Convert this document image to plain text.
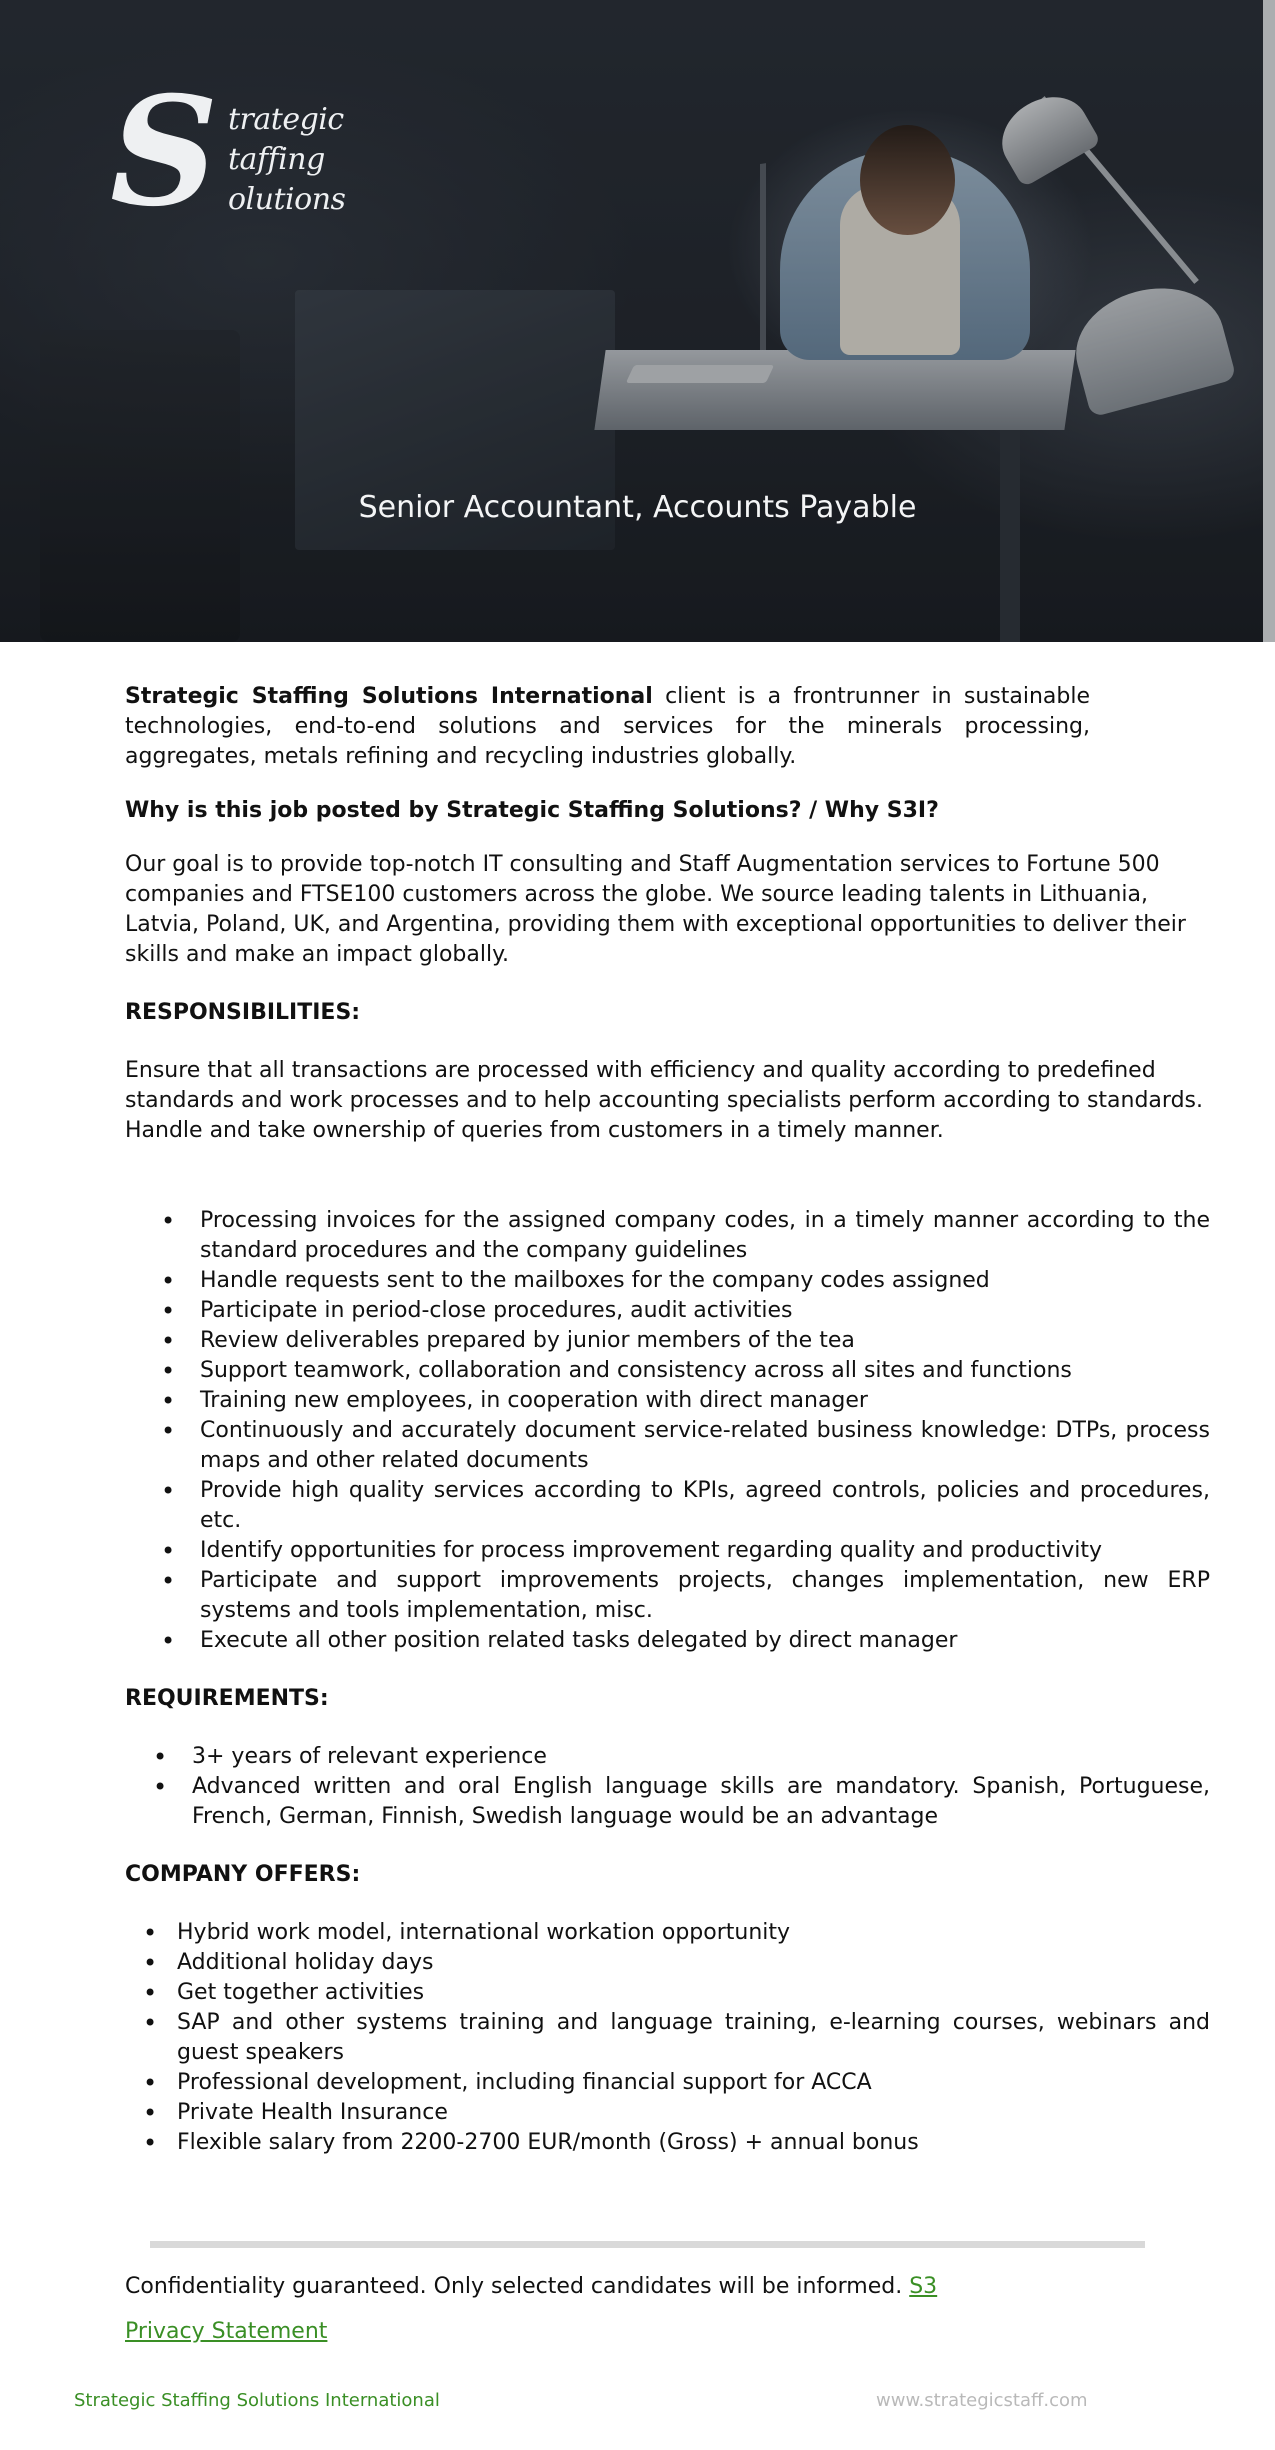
S trategic
taffing
olutions
Senior Accountant, Accounts Payable

Strategic Staffing Solutions International client is a frontrunner in sustainable technologies, end-to-end solutions and services for the minerals processing, aggregates, metals refining and recycling industries globally.

Why is this job posted by Strategic Staffing Solutions? / Why S3I?

Our goal is to provide top-notch IT consulting and Staff Augmentation services to Fortune 500 companies and FTSE100 customers across the globe. We source leading talents in Lithuania, Latvia, Poland, UK, and Argentina, providing them with exceptional opportunities to deliver their skills and make an impact globally.

RESPONSIBILITIES:

Ensure that all transactions are processed with efficiency and quality according to predefined standards and work processes and to help accounting specialists perform according to standards. Handle and take ownership of queries from customers in a timely manner.

• Processing invoices for the assigned company codes, in a timely manner according to the standard procedures and the company guidelines
• Handle requests sent to the mailboxes for the company codes assigned
• Participate in period-close procedures, audit activities
• Review deliverables prepared by junior members of the tea
• Support teamwork, collaboration and consistency across all sites and functions
• Training new employees, in cooperation with direct manager
• Continuously and accurately document service-related business knowledge: DTPs, process maps and other related documents
• Provide high quality services according to KPIs, agreed controls, policies and procedures, etc.
• Identify opportunities for process improvement regarding quality and productivity
• Participate and support improvements projects, changes implementation, new ERP systems and tools implementation, misc.
• Execute all other position related tasks delegated by direct manager

REQUIREMENTS:

• 3+ years of relevant experience
• Advanced written and oral English language skills are mandatory. Spanish, Portuguese, French, German, Finnish, Swedish language would be an advantage

COMPANY OFFERS:

• Hybrid work model, international workation opportunity
• Additional holiday days
• Get together activities
• SAP and other systems training and language training, e-learning courses, webinars and guest speakers
• Professional development, including financial support for ACCA
• Private Health Insurance
• Flexible salary from 2200-2700 EUR/month (Gross) + annual bonus
Confidentiality guaranteed. Only selected candidates will be informed. S3
Privacy Statement
Strategic Staffing Solutions International	www.strategicstaff.com
